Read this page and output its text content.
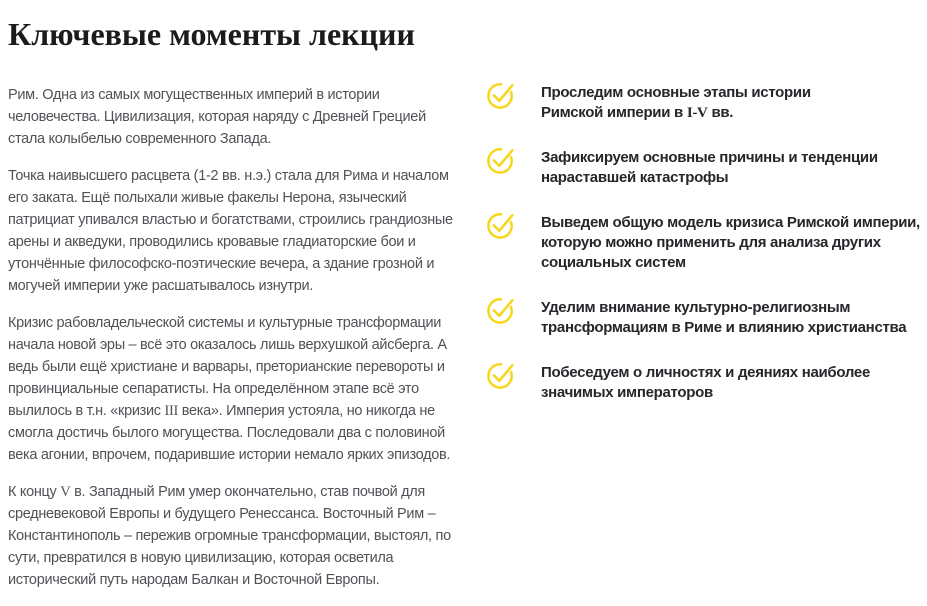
Ключевые моменты лекции
Рим. Одна из самых могущественных империй в истории
человечества. Цивилизация, которая наряду с Древней Грецией
стала колыбелью современного Запада.
Точка наивысшего расцвета (1-2 вв. н.э.) стала для Рима и началом
его заката. Ещё полыхали живые факелы Нерона, языческий
патрициат упивался властью и богатствами, строились грандиозные
арены и акведуки, проводились кровавые гладиаторские бои и
утончённые философско-поэтические вечера, а здание грозной и
могучей империи уже расшатывалось изнутри.
Кризис рабовладельческой системы и культурные трансформации
начала новой эры – всё это оказалось лишь верхушкой айсберга. А
ведь были ещё христиане и варвары, преторианские перевороты и
провинциальные сепаратисты. На определённом этапе всё это
вылилось в т.н. «кризис III века». Империя устояла, но никогда не
смогла достичь былого могущества. Последовали два с половиной
века агонии, впрочем, подарившие истории немало ярких эпизодов.
К концу V в. Западный Рим умер окончательно, став почвой для
средневековой Европы и будущего Ренессанса. Восточный Рим –
Константинополь – пережив огромные трансформации, выстоял, по
сути, превратился в новую цивилизацию, которая осветила
исторический путь народам Балкан и Восточной Европы.
Проследим основные этапы истории
Римской империи в I-V вв.
Зафиксируем основные причины и тенденции
нараставшей катастрофы
Выведем общую модель кризиса Римской империи,
которую можно применить для анализа других
социальных систем
Уделим внимание культурно-религиозным
трансформациям в Риме и влиянию христианства
Побеседуем о личностях и деяниях наиболее
значимых императоров
